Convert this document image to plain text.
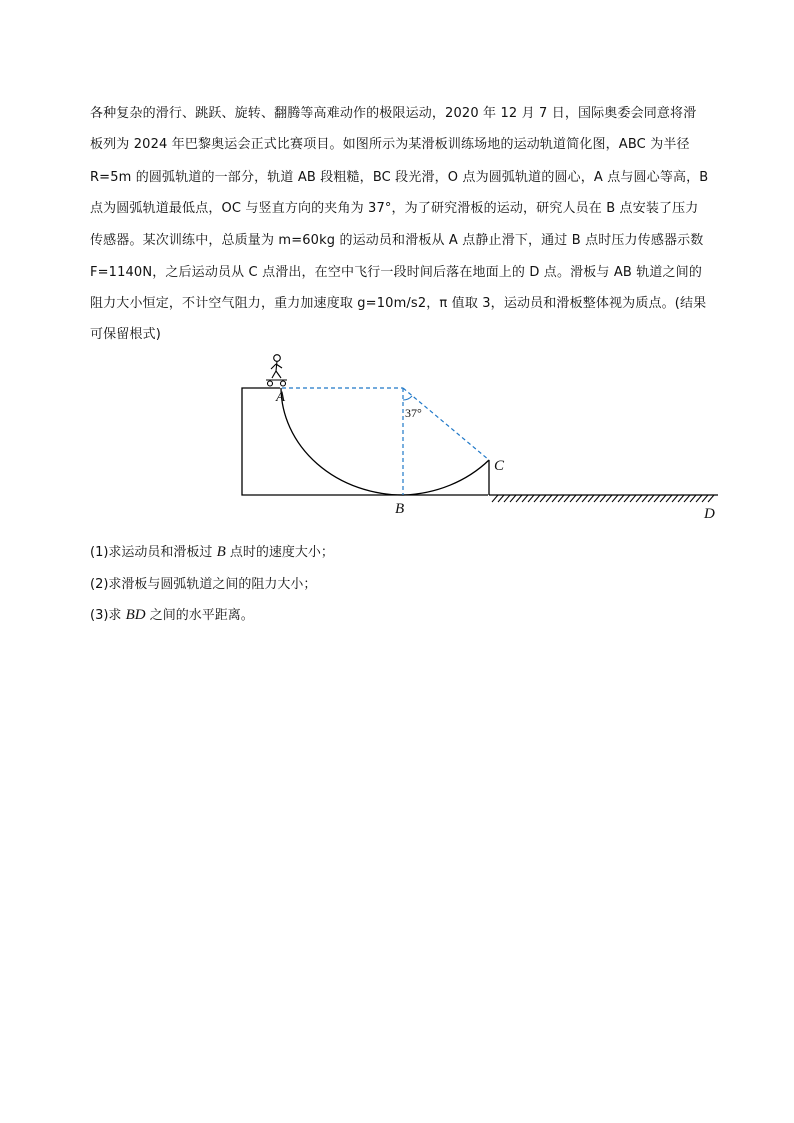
各种复杂的滑行、跳跃、旋转、翻腾等高难动作的极限运动，2020 年 12 月 7 日，国际奥委会同意将滑
板列为 2024 年巴黎奥运会正式比赛项目。如图所示为某滑板训练场地的运动轨道简化图，ABC 为半径
R=5m 的圆弧轨道的一部分，轨道 AB 段粗糙，BC 段光滑，O 点为圆弧轨道的圆心，A 点与圆心等高，B
点为圆弧轨道最低点，OC 与竖直方向的夹角为 37°，为了研究滑板的运动，研究人员在 B 点安装了压力
传感器。某次训练中，总质量为 m=60kg 的运动员和滑板从 A 点静止滑下，通过 B 点时压力传感器示数
F=1140N，之后运动员从 C 点滑出，在空中飞行一段时间后落在地面上的 D 点。滑板与 AB 轨道之间的
阻力大小恒定，不计空气阻力，重力加速度取 g=10m/s2，π 值取 3，运动员和滑板整体视为质点。(结果
可保留根式)
A
B
C
D
37°
(1)求运动员和滑板过 B 点时的速度大小；
(2)求滑板与圆弧轨道之间的阻力大小；
(3)求 BD 之间的水平距离。
